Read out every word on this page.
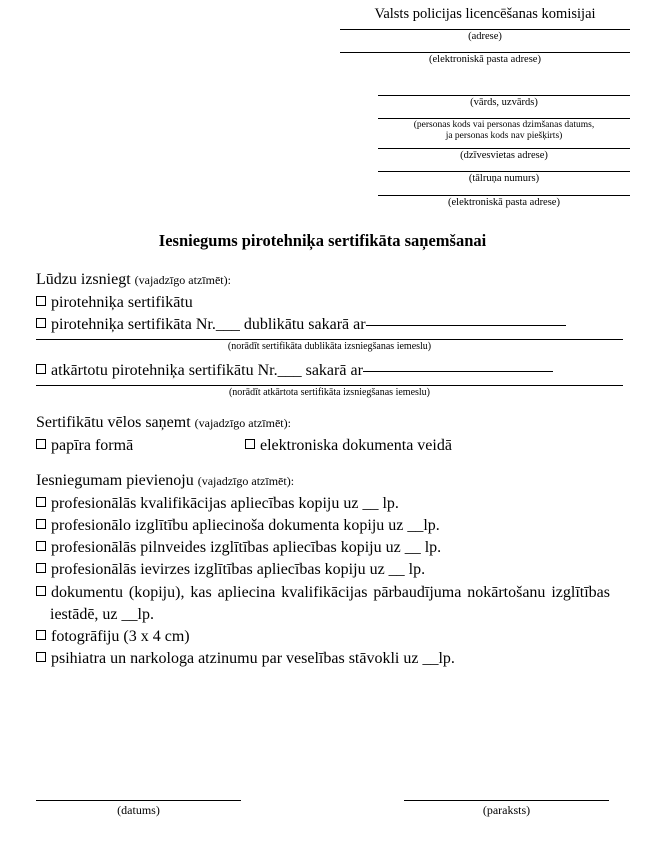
Valsts policijas licencēšanas komisijai
(adrese)
(elektroniskā pasta adrese)
(vārds, uzvārds)
(personas kods vai personas dzimšanas datums,
ja personas kods nav piešķirts)
(dzīvesvietas adrese)
(tālruņa numurs)
(elektroniskā pasta adrese)
Iesniegums pirotehniķa sertifikāta saņemšanai
Lūdzu izsniegt (vajadzīgo atzīmēt):
pirotehniķa sertifikātu
pirotehniķa sertifikāta Nr.___ dublikātu sakarā ar
(norādīt sertifikāta dublikāta izsniegšanas iemeslu)
atkārtotu pirotehniķa sertifikātu Nr.___ sakarā ar
(norādīt atkārtota sertifikāta izsniegšanas iemeslu)
Sertifikātu vēlos saņemt (vajadzīgo atzīmēt):
papīra formā	elektroniska dokumenta veidā
Iesniegumam pievienoju (vajadzīgo atzīmēt):
profesionālās kvalifikācijas apliecības kopiju uz __ lp.
profesionālo izglītību apliecinoša dokumenta kopiju uz __lp.
profesionālās pilnveides izglītības apliecības kopiju uz __ lp.
profesionālās ievirzes izglītības apliecības kopiju uz __ lp.
dokumentu (kopiju), kas apliecina kvalifikācijas pārbaudījuma nokārtošanu izglītības iestādē, uz __lp.
fotogrāfiju (3 x 4 cm)
psihiatra un narkologa atzinumu par veselības stāvokli uz __lp.
(datums)	(paraksts)
